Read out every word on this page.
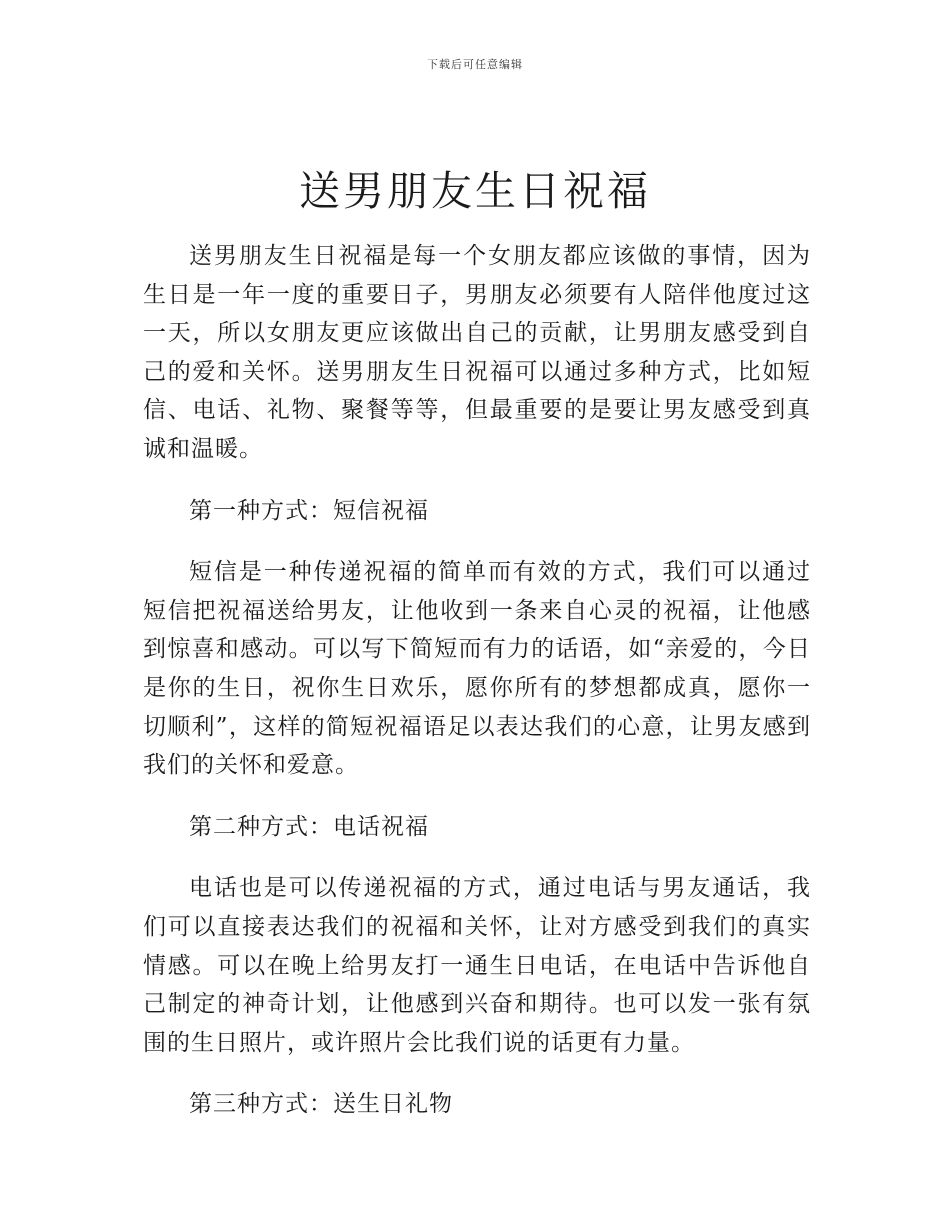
下载后可任意编辑
送男朋友生日祝福

送男朋友生日祝福是每一个女朋友都应该做的事情，因为生日是一年一度的重要日子，男朋友必须要有人陪伴他度过这一天，所以女朋友更应该做出自己的贡献，让男朋友感受到自己的爱和关怀。送男朋友生日祝福可以通过多种方式，比如短信、电话、礼物、聚餐等等，但最重要的是要让男友感受到真诚和温暖。

第一种方式：短信祝福

短信是一种传递祝福的简单而有效的方式，我们可以通过短信把祝福送给男友，让他收到一条来自心灵的祝福，让他感到惊喜和感动。可以写下简短而有力的话语，如“亲爱的，今日是你的生日，祝你生日欢乐，愿你所有的梦想都成真，愿你一切顺利”，这样的简短祝福语足以表达我们的心意，让男友感到我们的关怀和爱意。

第二种方式：电话祝福

电话也是可以传递祝福的方式，通过电话与男友通话，我们可以直接表达我们的祝福和关怀，让对方感受到我们的真实情感。可以在晚上给男友打一通生日电话，在电话中告诉他自己制定的神奇计划，让他感到兴奋和期待。也可以发一张有氛围的生日照片，或许照片会比我们说的话更有力量。

第三种方式：送生日礼物
